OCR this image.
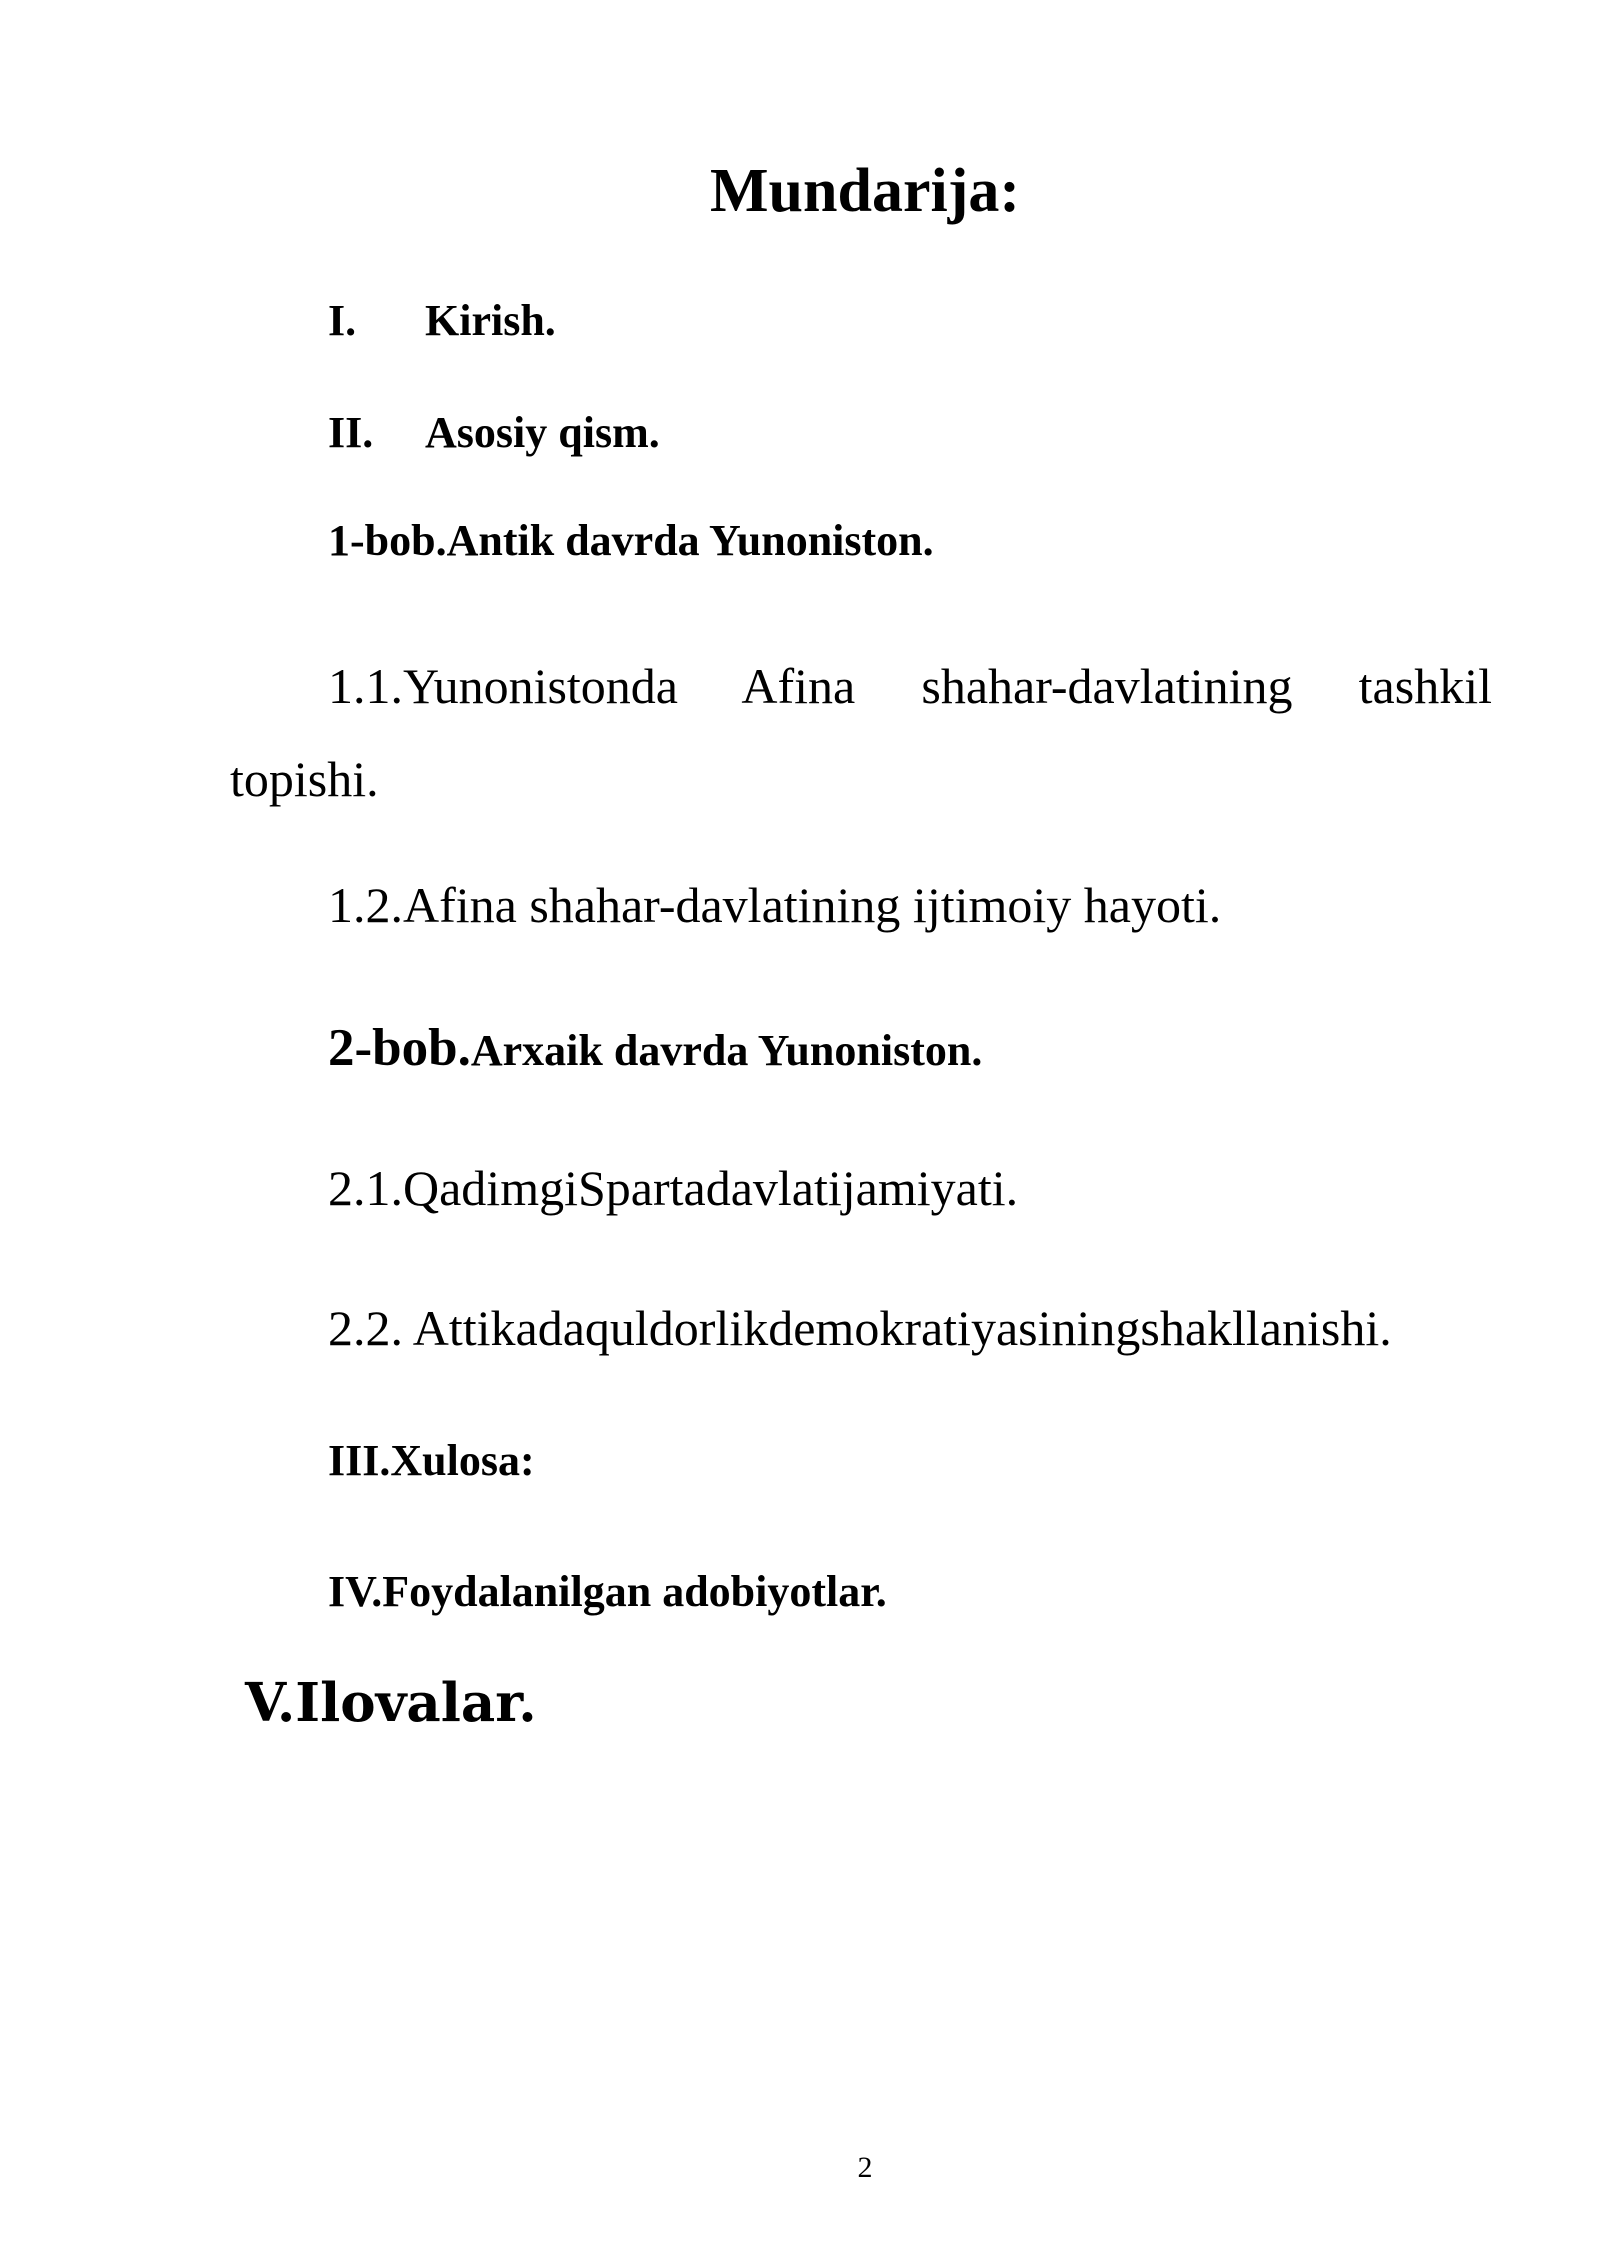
Mundarija:

I. Kirish.

II. Asosiy qism.

1-bob.Antik davrda Yunoniston.

1.1.Yunonistonda Afina shahar-davlatining tashkil topishi.

1.2.Afina shahar-davlatining ijtimoiy hayoti.

2-bob.Arxaik davrda Yunoniston.

2.1.QadimgiSpartadavlatijamiyati.

2.2. Attikadaquldorlikdemokratiyasiningshakllanishi.

III.Xulosa:

IV.Foydalanilgan adobiyotlar.

V.Ilovalar.

2
